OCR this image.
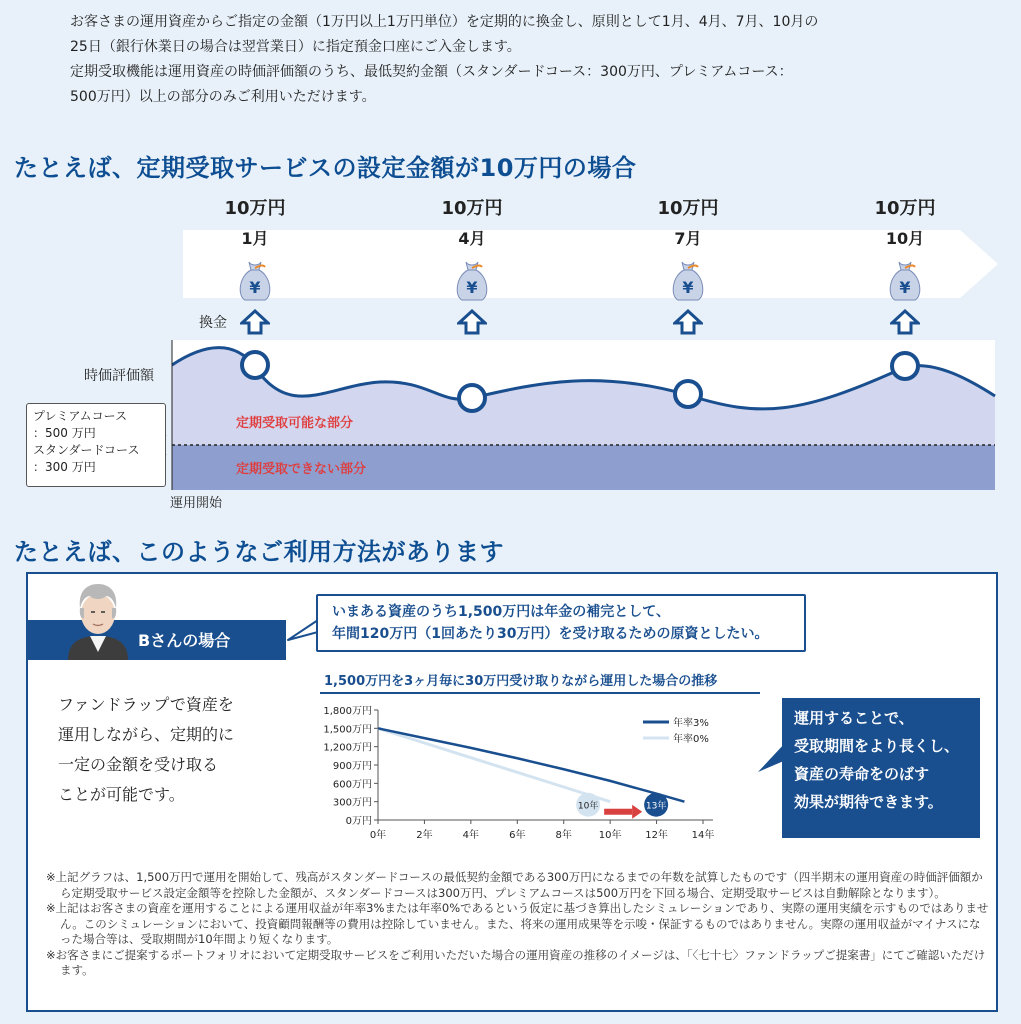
お客さまの運用資産からご指定の金額（1万円以上1万円単位）を定期的に換金し、原則として1月、4月、7月、10月の

25日（銀行休業日の場合は翌営業日）に指定預金口座にご入金します。

定期受取機能は運用資産の時価評価額のうち、最低契約金額（スタンダードコース：300万円、プレミアムコース：

500万円）以上の部分のみご利用いただけます。

たとえば、定期受取サービスの設定金額が10万円の場合
10万円
1月
¥
10万円
4月
¥
10万円
7月
¥
10万円
10月
¥
換金
時価評価額
定期受取可能な部分
定期受取できない部分
運用開始
プレミアムコース
：500 万円
スタンダードコース
：300 万円
たとえば、このようなご利用方法があります
Bさんの場合
いまある資産のうち1,500万円は年金の補完として、
年間120万円（1回あたり30万円）を受け取るための原資としたい。
ファンドラップで資産を
運用しながら、定期的に
一定の金額を受け取る
ことが可能です。
1,500万円を3ヶ月毎に30万円受け取りながら運用した場合の推移
1,800万円
1,500万円
1,200万円
900万円
600万円
300万円
0万円
0年	2年	4年	6年	8年	10年 12年 14年
年率3%
年率0%
10年	13年
運用することで、
受取期間をより長くし、
資産の寿命をのばす
効果が期待できます。

※上記グラフは、1,500万円で運用を開始して、残高がスタンダードコースの最低契約金額である300万円になるまでの年数を試算したものです（四半期末の運用資産の時価評価額から定期受取サービス設定金額等を控除した金額が、スタンダードコースは300万円、プレミアムコースは500万円を下回る場合、定期受取サービスは自動解除となります）。

※上記はお客さまの資産を運用することによる運用収益が年率3%または年率0%であるという仮定に基づき算出したシミュレーションであり、実際の運用実績を示すものではありません。このシミュレーションにおいて、投資顧問報酬等の費用は控除していません。また、将来の運用成果等を示唆・保証するものではありません。実際の運用収益がマイナスになった場合等は、受取期間が10年間より短くなります。

※お客さまにご提案するポートフォリオにおいて定期受取サービスをご利用いただいた場合の運用資産の推移のイメージは、「〈七十七〉ファンドラップご提案書」にてご確認いただけます。
